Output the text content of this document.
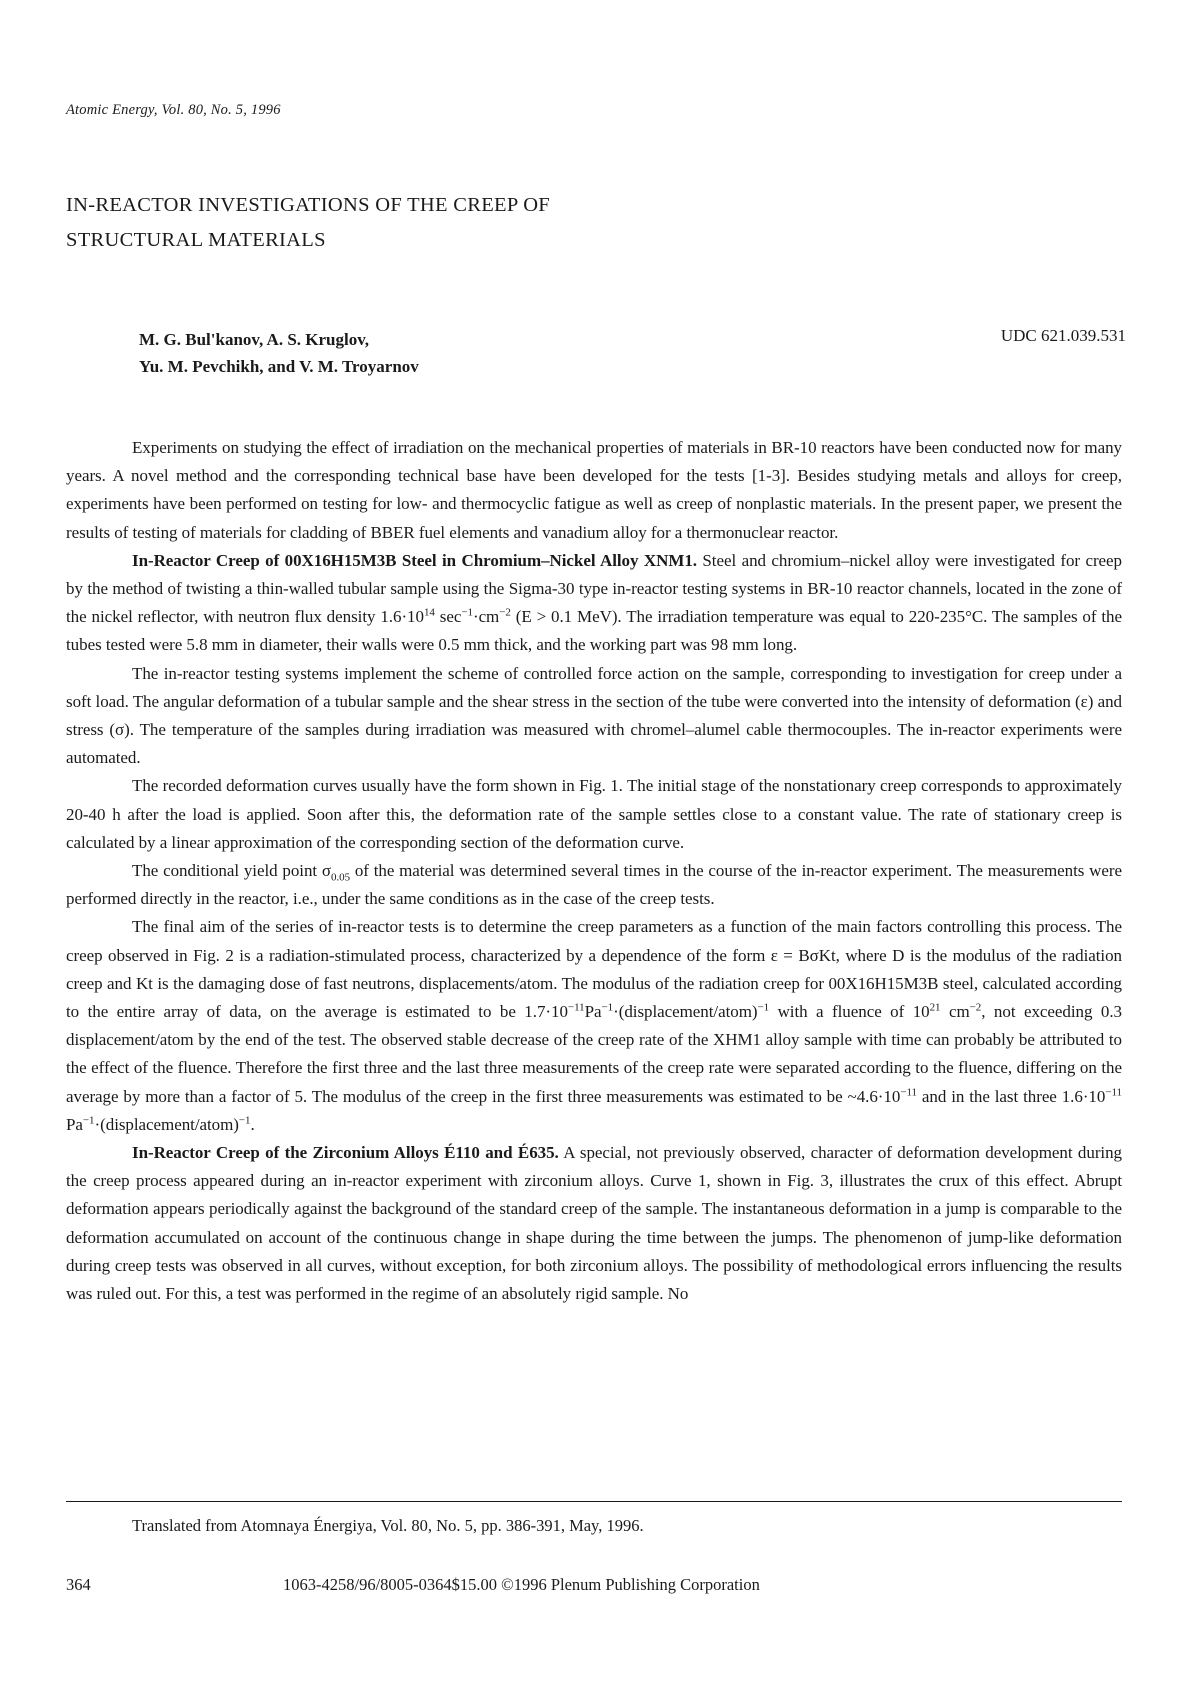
Atomic Energy, Vol. 80, No. 5, 1996
IN-REACTOR INVESTIGATIONS OF THE CREEP OF
STRUCTURAL MATERIALS
M. G. Bul'kanov, A. S. Kruglov,
Yu. M. Pevchikh, and V. M. Troyarnov
UDC 621.039.531

Experiments on studying the effect of irradiation on the mechanical properties of materials in BR-10 reactors have been conducted now for many years. A novel method and the corresponding technical base have been developed for the tests [1-3]. Besides studying metals and alloys for creep, experiments have been performed on testing for low- and thermocyclic fatigue as well as creep of nonplastic materials. In the present paper, we present the results of testing of materials for cladding of BBER fuel elements and vanadium alloy for a thermonuclear reactor.

In-Reactor Creep of 00X16H15M3B Steel in Chromium–Nickel Alloy XNM1. Steel and chromium–nickel alloy were investigated for creep by the method of twisting a thin-walled tubular sample using the Sigma-30 type in-reactor testing systems in BR-10 reactor channels, located in the zone of the nickel reflector, with neutron flux density $1.6\cdot 10^{14}$ $\sec^{-1}\cdot cm^{-2}$ (E > 0.1 MeV). The irradiation temperature was equal to 220-235°C. The samples of the tubes tested were 5.8 mm in diameter, their walls were 0.5 mm thick, and the working part was 98 mm long.

The in-reactor testing systems implement the scheme of controlled force action on the sample, corresponding to investigation for creep under a soft load. The angular deformation of a tubular sample and the shear stress in the section of the tube were converted into the intensity of deformation (ε) and stress (σ). The temperature of the samples during irradiation was measured with chromel–alumel cable thermocouples. The in-reactor experiments were automated.

The recorded deformation curves usually have the form shown in Fig. 1. The initial stage of the nonstationary creep corresponds to approximately 20-40 h after the load is applied. Soon after this, the deformation rate of the sample settles close to a constant value. The rate of stationary creep is calculated by a linear approximation of the corresponding section of the deformation curve.

The conditional yield point $\sigma_{0.05}$ of the material was determined several times in the course of the in-reactor experiment. The measurements were performed directly in the reactor, i.e., under the same conditions as in the case of the creep tests.

The final aim of the series of in-reactor tests is to determine the creep parameters as a function of the main factors controlling this process. The creep observed in Fig. 2 is a radiation-stimulated process, characterized by a dependence of the form ε = BσKt, where D is the modulus of the radiation creep and Kt is the damaging dose of fast neutrons, displacements/atom. The modulus of the radiation creep for 00X16H15M3B steel, calculated according to the entire array of data, on the average is estimated to be $1.7\cdot 10^{-11}Pa^{-1}\cdot(displacement/atom)^{-1}$ with a fluence of $10^{21}$ $cm^{-2}$, not exceeding 0.3 displacement/atom by the end of the test. The observed stable decrease of the creep rate of the XHM1 alloy sample with time can probably be attributed to the effect of the fluence. Therefore the first three and the last three measurements of the creep rate were separated according to the fluence, differing on the average by more than a factor of 5. The modulus of the creep in the first three measurements was estimated to be $\sim 4.6\cdot 10^{-11}$ and in the last three $1.6\cdot 10^{-11}$ $Pa^{-1}\cdot(displacement/atom)^{-1}$.

In-Reactor Creep of the Zirconium Alloys É110 and É635. A special, not previously observed, character of deformation development during the creep process appeared during an in-reactor experiment with zirconium alloys. Curve 1, shown in Fig. 3, illustrates the crux of this effect. Abrupt deformation appears periodically against the background of the standard creep of the sample. The instantaneous deformation in a jump is comparable to the deformation accumulated on account of the continuous change in shape during the time between the jumps. The phenomenon of jump-like deformation during creep tests was observed in all curves, without exception, for both zirconium alloys. The possibility of methodological errors influencing the results was ruled out. For this, a test was performed in the regime of an absolutely rigid sample. No

Translated from Atomnaya Énergiya, Vol. 80, No. 5, pp. 386-391, May, 1996.
364	1063-4258/96/8005-0364$15.00 ©1996 Plenum Publishing Corporation
